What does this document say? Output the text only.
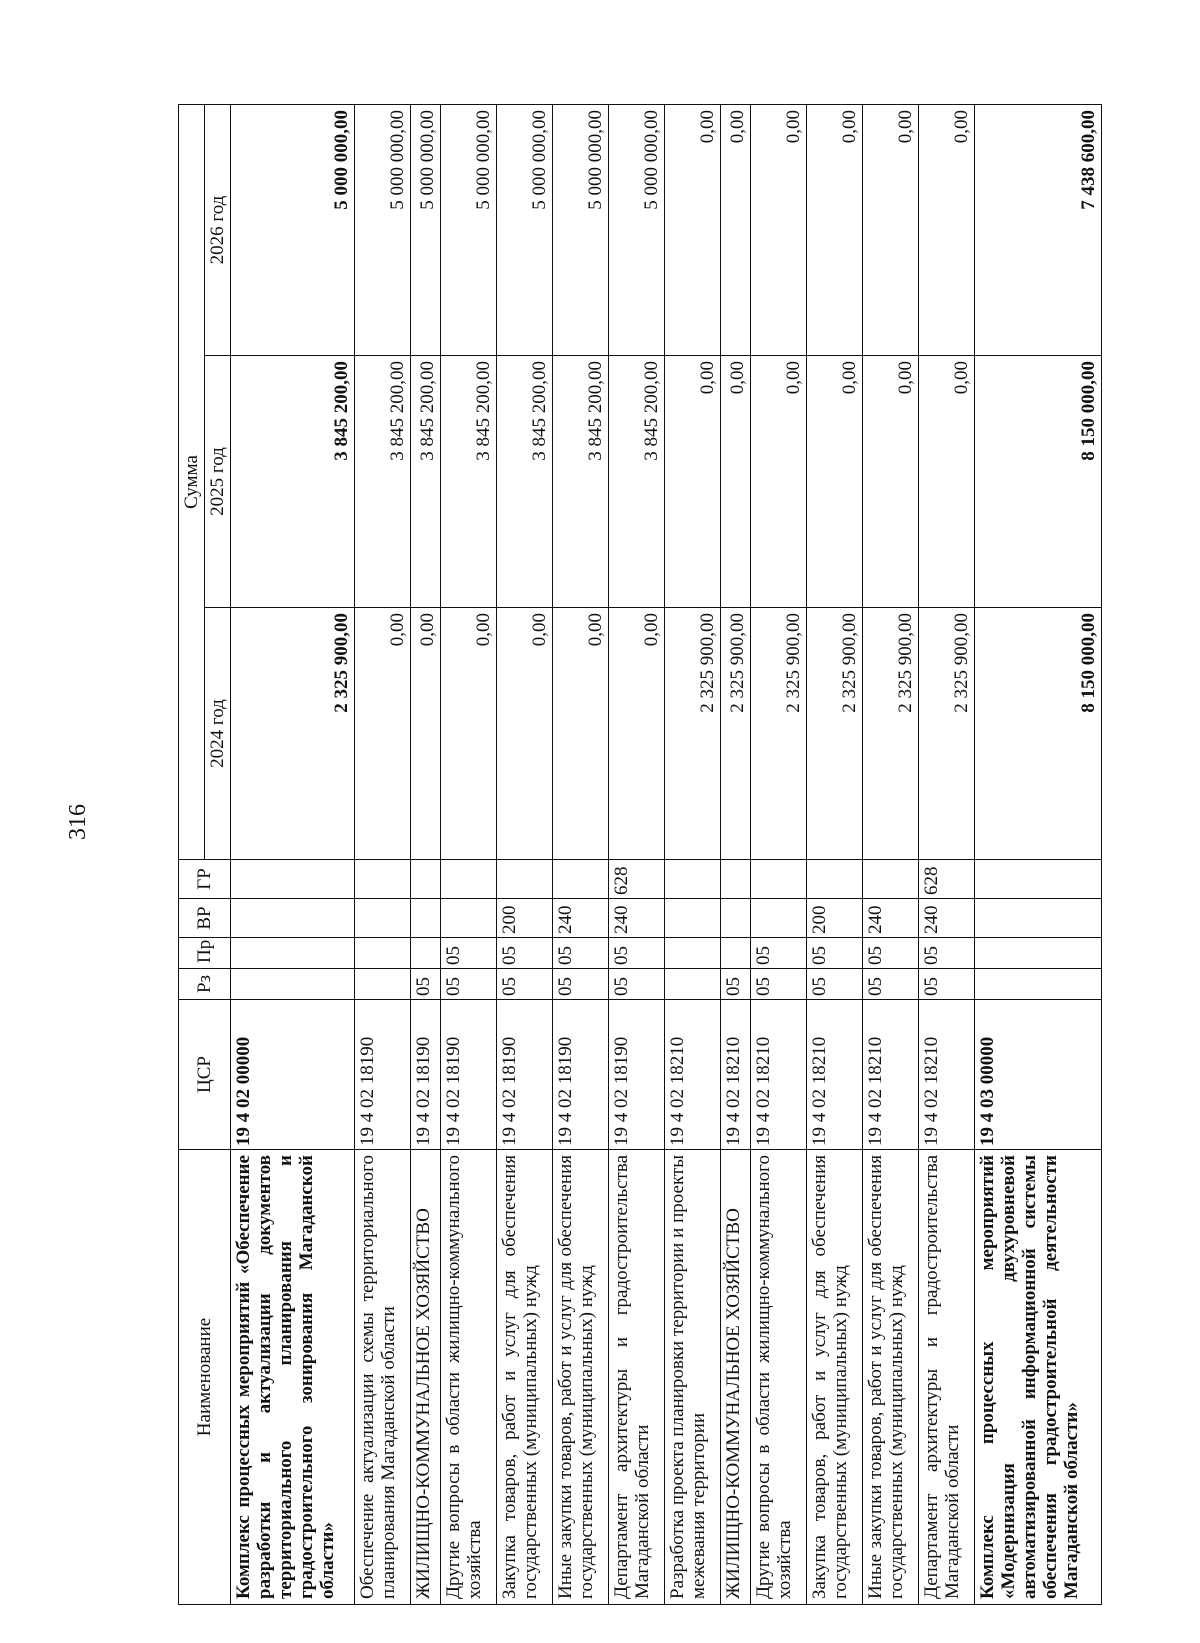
316
Наименование	ЦСР	Рз	Пр	ВР	ГР	Сумма		
						2024 год	2025 год	2026 год
Комплекс процессных мероприятий «Обеспечение разработки и актуализации документов территориального планирования и градостроительного зонирования Магаданской области»	19 4 02 00000					2 325 900,00	3 845 200,00	5 000 000,00
Обеспечение актуализации схемы территориального планирования Магаданской области	19 4 02 18190					0,00	3 845 200,00	5 000 000,00
ЖИЛИЩНО-КОММУНАЛЬНОЕ ХОЗЯЙСТВО	19 4 02 18190	05				0,00	3 845 200,00	5 000 000,00
Другие вопросы в области жилищно-коммунального хозяйства	19 4 02 18190	05	05			0,00	3 845 200,00	5 000 000,00
Закупка товаров, работ и услуг для обеспечения государственных (муниципальных) нужд	19 4 02 18190	05	05	200		0,00	3 845 200,00	5 000 000,00
Иные закупки товаров, работ и услуг для обеспечения государственных (муниципальных) нужд	19 4 02 18190	05	05	240		0,00	3 845 200,00	5 000 000,00
Департамент архитектуры и градостроительства Магаданской области	19 4 02 18190	05	05	240	628	0,00	3 845 200,00	5 000 000,00
Разработка проекта планировки территории и проекты межевания территории	19 4 02 18210					2 325 900,00	0,00	0,00
ЖИЛИЩНО-КОММУНАЛЬНОЕ ХОЗЯЙСТВО	19 4 02 18210	05				2 325 900,00	0,00	0,00
Другие вопросы в области жилищно-коммунального хозяйства	19 4 02 18210	05	05			2 325 900,00	0,00	0,00
Закупка товаров, работ и услуг для обеспечения государственных (муниципальных) нужд	19 4 02 18210	05	05	200		2 325 900,00	0,00	0,00
Иные закупки товаров, работ и услуг для обеспечения государственных (муниципальных) нужд	19 4 02 18210	05	05	240		2 325 900,00	0,00	0,00
Департамент архитектуры и градостроительства Магаданской области	19 4 02 18210	05	05	240	628	2 325 900,00	0,00	0,00
Комплекс процессных мероприятий «Модернизация двухуровневой автоматизированной информационной системы обеспечения градостроительной деятельности Магаданской области»	19 4 03 00000					8 150 000,00	8 150 000,00	7 438 600,00
